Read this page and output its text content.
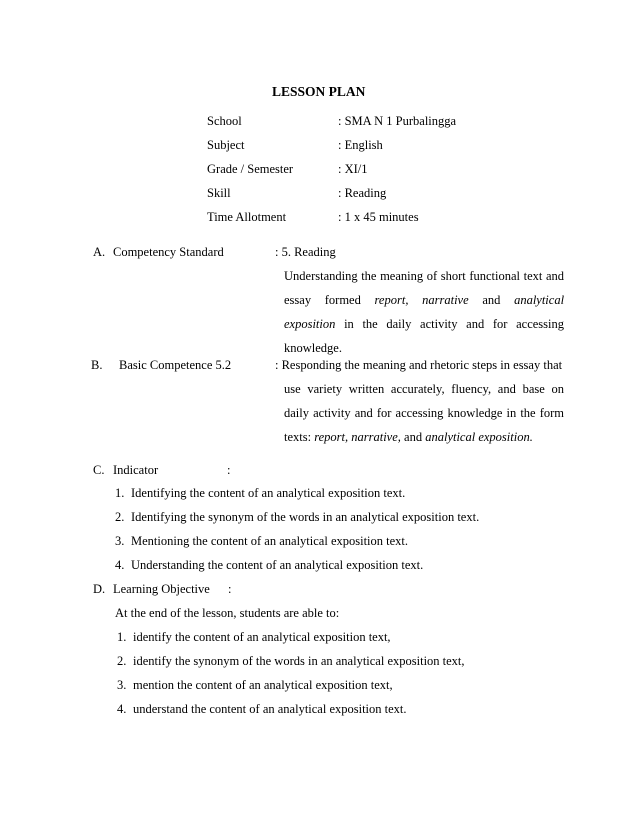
LESSON PLAN
School	: SMA N 1 Purbalingga
Subject	: English
Grade / Semester	: XI/1
Skill	: Reading
Time Allotment	: 1 x 45 minutes
A. Competency Standard	: 5. Reading
Understanding the meaning of short functional text and
essay formed report, narrative and analytical
exposition in the daily activity and for accessing
knowledge.
B. Basic Competence 5.2	: Responding the meaning and rhetoric steps in essay that
use variety written accurately, fluency, and base on
daily activity and for accessing knowledge in the form
texts: report, narrative, and analytical exposition.
C. Indicator	:
1. Identifying the content of an analytical exposition text.
2. Identifying the synonym of the words in an analytical exposition text.
3. Mentioning the content of an analytical exposition text.
4. Understanding the content of an analytical exposition text.
D. Learning Objective :
At the end of the lesson, students are able to:
1. identify the content of an analytical exposition text,
2. identify the synonym of the words in an analytical exposition text,
3. mention the content of an analytical exposition text,
4. understand the content of an analytical exposition text.
